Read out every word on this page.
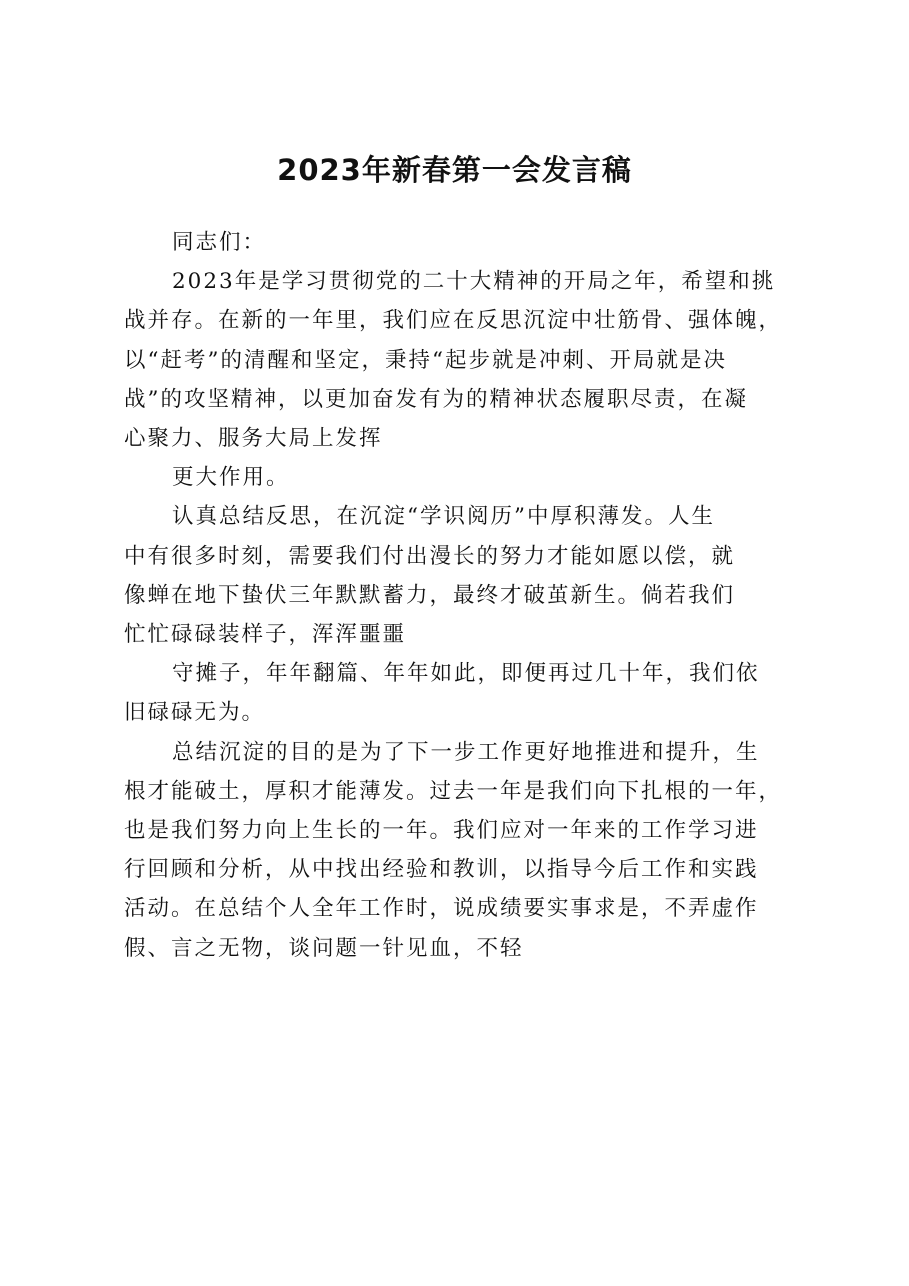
2023年新春第一会发言稿

同志们：

2023年是学习贯彻党的二十大精神的开局之年，希望和挑
战并存。在新的一年里，我们应在反思沉淀中壮筋骨、强体魄，
以“赶考”的清醒和坚定，秉持“起步就是冲刺、开局就是决
战”的攻坚精神，以更加奋发有为的精神状态履职尽责，在凝
心聚力、服务大局上发挥

更大作用。

认真总结反思，在沉淀“学识阅历”中厚积薄发。人生
中有很多时刻，需要我们付出漫长的努力才能如愿以偿，就
像蝉在地下蛰伏三年默默蓄力，最终才破茧新生。倘若我们
忙忙碌碌装样子，浑浑噩噩

守摊子，年年翻篇、年年如此，即便再过几十年，我们依
旧碌碌无为。

总结沉淀的目的是为了下一步工作更好地推进和提升，生
根才能破土，厚积才能薄发。过去一年是我们向下扎根的一年，
也是我们努力向上生长的一年。我们应对一年来的工作学习进
行回顾和分析，从中找出经验和教训，以指导今后工作和实践
活动。在总结个人全年工作时，说成绩要实事求是，不弄虚作
假、言之无物，谈问题一针见血，不轻
